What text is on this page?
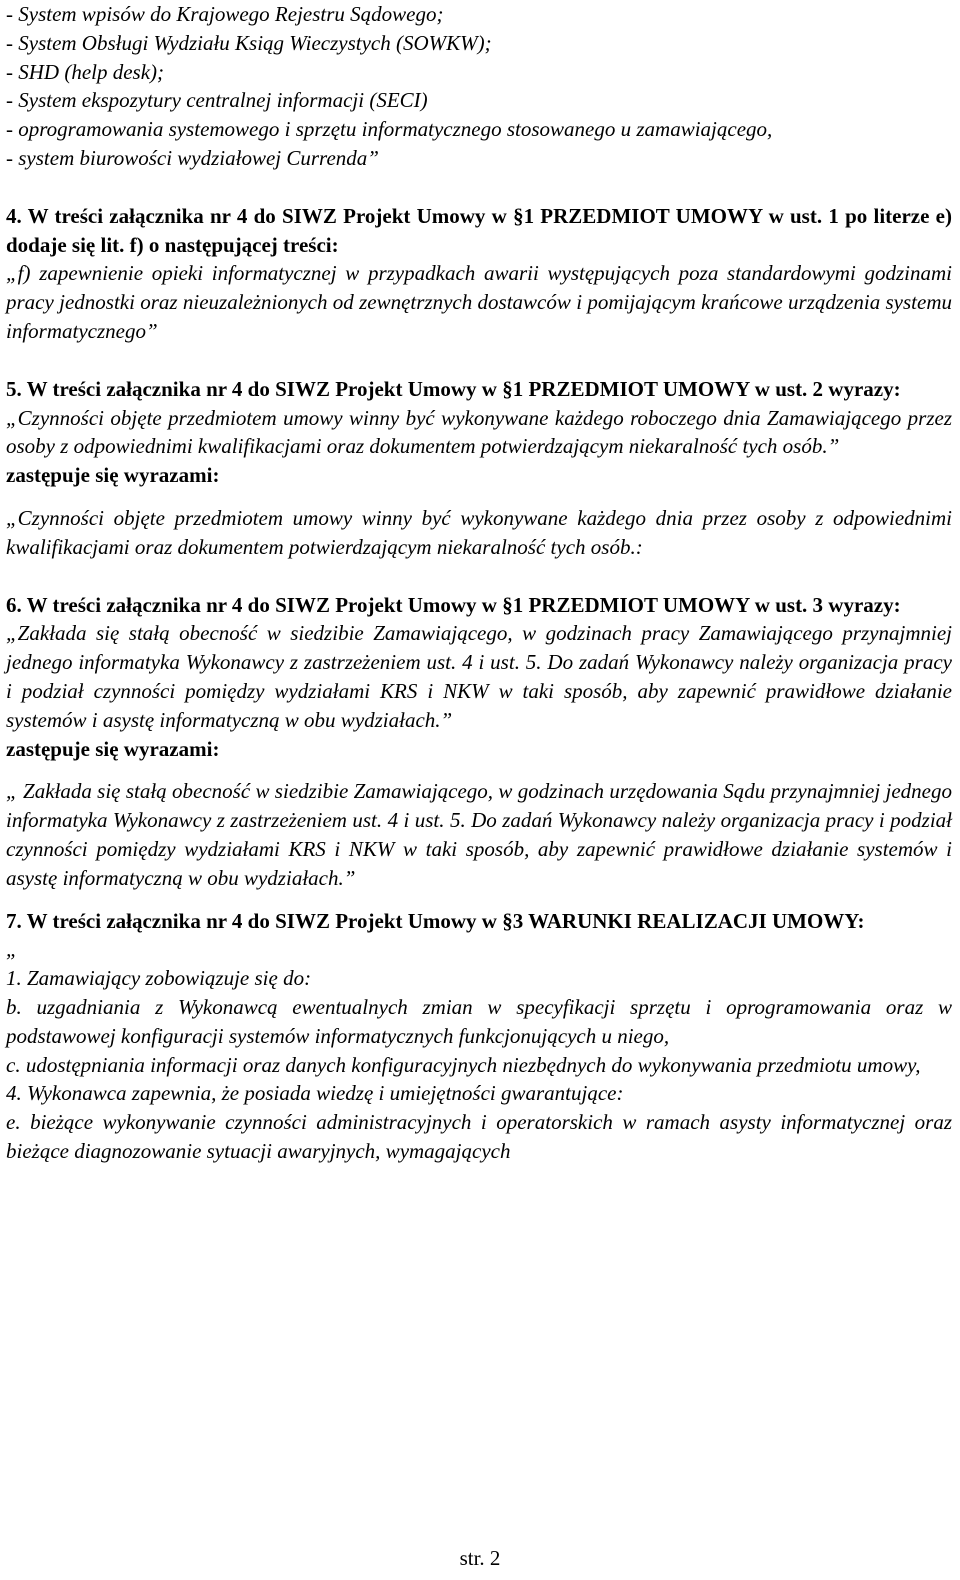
- System wpisów do Krajowego Rejestru Sądowego;

- System Obsługi Wydziału Ksiąg Wieczystych (SOWKW);

- SHD (help desk);

- System ekspozytury centralnej informacji (SECI)

- oprogramowania systemowego i sprzętu informatycznego stosowanego u zamawiającego,

- system biurowości wydziałowej Currenda”

4. W treści załącznika nr 4 do SIWZ Projekt Umowy w §1 PRZEDMIOT UMOWY w ust. 1 po literze e) dodaje się lit. f) o następującej treści:

„f) zapewnienie opieki informatycznej w przypadkach awarii występujących poza standardowymi godzinami pracy jednostki oraz nieuzależnionych od zewnętrznych dostawców i pomijającym krańcowe urządzenia systemu informatycznego”

5. W treści załącznika nr 4 do SIWZ Projekt Umowy w §1 PRZEDMIOT UMOWY w ust. 2 wyrazy:

„Czynności objęte przedmiotem umowy winny być wykonywane każdego roboczego dnia Zamawiającego przez osoby z odpowiednimi kwalifikacjami oraz dokumentem potwierdzającym niekaralność tych osób.”

zastępuje się wyrazami:

„Czynności objęte przedmiotem umowy winny być wykonywane każdego dnia przez osoby z odpowiednimi kwalifikacjami oraz dokumentem potwierdzającym niekaralność tych osób.:

6. W treści załącznika nr 4 do SIWZ Projekt Umowy w §1 PRZEDMIOT UMOWY w ust. 3 wyrazy:

„Zakłada się stałą obecność w siedzibie Zamawiającego, w godzinach pracy Zamawiającego przynajmniej jednego informatyka Wykonawcy z zastrzeżeniem ust. 4 i ust. 5. Do zadań Wykonawcy należy organizacja pracy i podział czynności pomiędzy wydziałami KRS i NKW w taki sposób, aby zapewnić prawidłowe działanie systemów i asystę informatyczną w obu wydziałach.”

zastępuje się wyrazami:

„ Zakłada się stałą obecność w siedzibie Zamawiającego, w godzinach urzędowania Sądu przynajmniej jednego informatyka Wykonawcy z zastrzeżeniem ust. 4 i ust. 5. Do zadań Wykonawcy należy organizacja pracy i podział czynności pomiędzy wydziałami KRS i NKW w taki sposób, aby zapewnić prawidłowe działanie systemów i asystę informatyczną w obu wydziałach.”

7. W treści załącznika nr 4 do SIWZ Projekt Umowy w §3 WARUNKI REALIZACJI UMOWY:

„

1. Zamawiający zobowiązuje się do:

b. uzgadniania z Wykonawcą ewentualnych zmian w specyfikacji sprzętu i oprogramowania oraz w podstawowej konfiguracji systemów informatycznych funkcjonujących u niego,

c. udostępniania informacji oraz danych konfiguracyjnych niezbędnych do wykonywania przedmiotu umowy,

4. Wykonawca zapewnia, że posiada wiedzę i umiejętności gwarantujące:

e. bieżące wykonywanie czynności administracyjnych i operatorskich w ramach asysty informatycznej oraz bieżące diagnozowanie sytuacji awaryjnych, wymagających

str. 2
